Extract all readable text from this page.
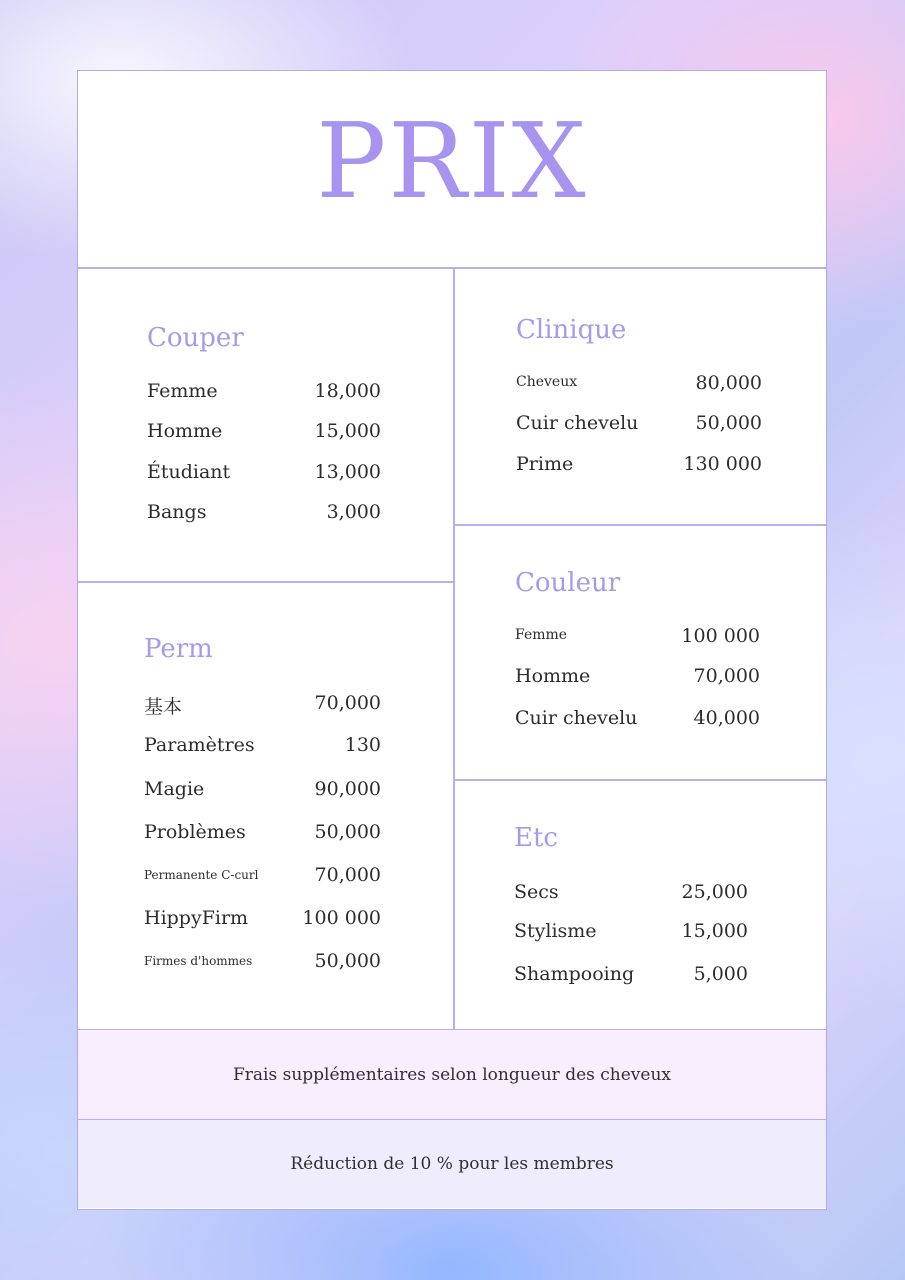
PRIX
Couper
Femme	18,000
Homme	15,000
Étudiant	13,000
Bangs	3,000
Clinique
Cheveux	80,000
Cuir chevelu	50,000
Prime	130 000
Couleur
Femme	100 000
Homme	70,000
Cuir chevelu	40,000
Perm
基本	70,000
Paramètres	130
Magie	90,000
Problèmes	50,000
Permanente C-curl	70,000
HippyFirm	100 000
Firmes d'hommes	50,000
Etc
Secs	25,000
Stylisme	15,000
Shampooing	5,000
Frais supplémentaires selon longueur des cheveux
Réduction de 10 % pour les membres
